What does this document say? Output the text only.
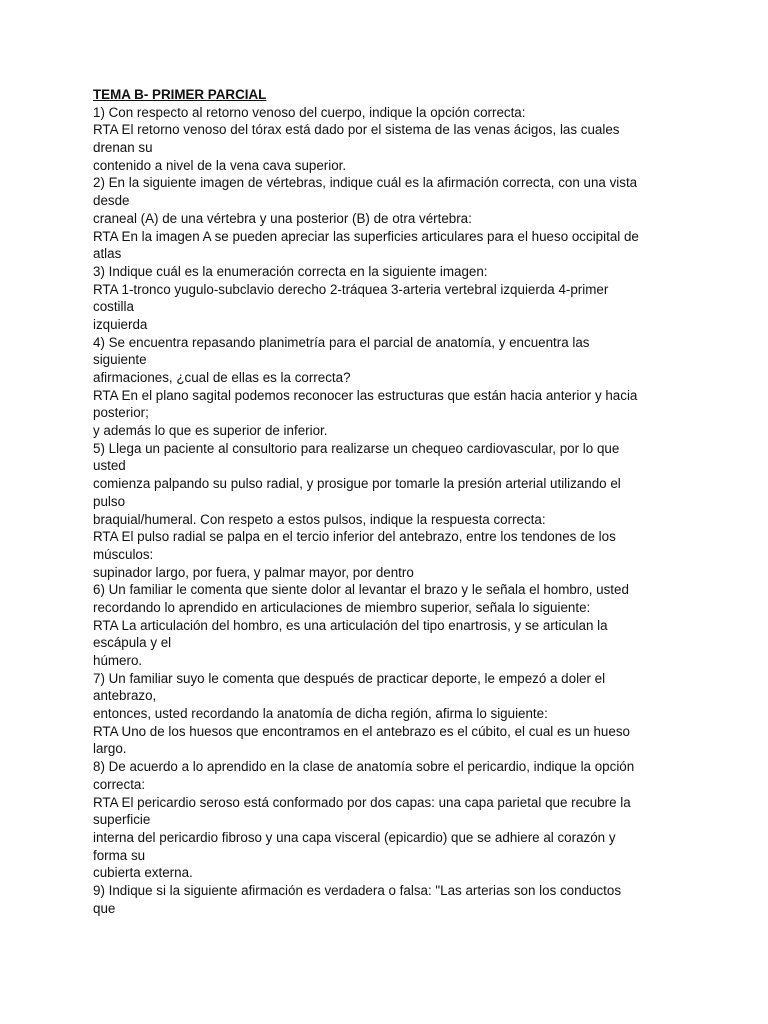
TEMA B- PRIMER PARCIAL
1) Con respecto al retorno venoso del cuerpo, indique la opción correcta:
RTA El retorno venoso del tórax está dado por el sistema de las venas ácigos, las cuales
drenan su
contenido a nivel de la vena cava superior.
2) En la siguiente imagen de vértebras, indique cuál es la afirmación correcta, con una vista
desde
craneal (A) de una vértebra y una posterior (B) de otra vértebra:
RTA En la imagen A se pueden apreciar las superficies articulares para el hueso occipital de
atlas
3) Indique cuál es la enumeración correcta en la siguiente imagen:
RTA 1-tronco yugulo-subclavio derecho 2-tráquea 3-arteria vertebral izquierda 4-primer
costilla
izquierda
4) Se encuentra repasando planimetría para el parcial de anatomía, y encuentra las
siguiente
afirmaciones, ¿cual de ellas es la correcta?
RTA En el plano sagital podemos reconocer las estructuras que están hacia anterior y hacia
posterior;
y además lo que es superior de inferior.
5) Llega un paciente al consultorio para realizarse un chequeo cardiovascular, por lo que
usted
comienza palpando su pulso radial, y prosigue por tomarle la presión arterial utilizando el
pulso
braquial/humeral. Con respeto a estos pulsos, indique la respuesta correcta:
RTA El pulso radial se palpa en el tercio inferior del antebrazo, entre los tendones de los
músculos:
supinador largo, por fuera, y palmar mayor, por dentro
6) Un familiar le comenta que siente dolor al levantar el brazo y le señala el hombro, usted
recordando lo aprendido en articulaciones de miembro superior, señala lo siguiente:
RTA La articulación del hombro, es una articulación del tipo enartrosis, y se articulan la
escápula y el
húmero.
7) Un familiar suyo le comenta que después de practicar deporte, le empezó a doler el
antebrazo,
entonces, usted recordando la anatomía de dicha región, afirma lo siguiente:
RTA Uno de los huesos que encontramos en el antebrazo es el cúbito, el cual es un hueso
largo.
8) De acuerdo a lo aprendido en la clase de anatomía sobre el pericardio, indique la opción
correcta:
RTA El pericardio seroso está conformado por dos capas: una capa parietal que recubre la
superficie
interna del pericardio fibroso y una capa visceral (epicardio) que se adhiere al corazón y
forma su
cubierta externa.
9) Indique si la siguiente afirmación es verdadera o falsa: "Las arterias son los conductos
que
